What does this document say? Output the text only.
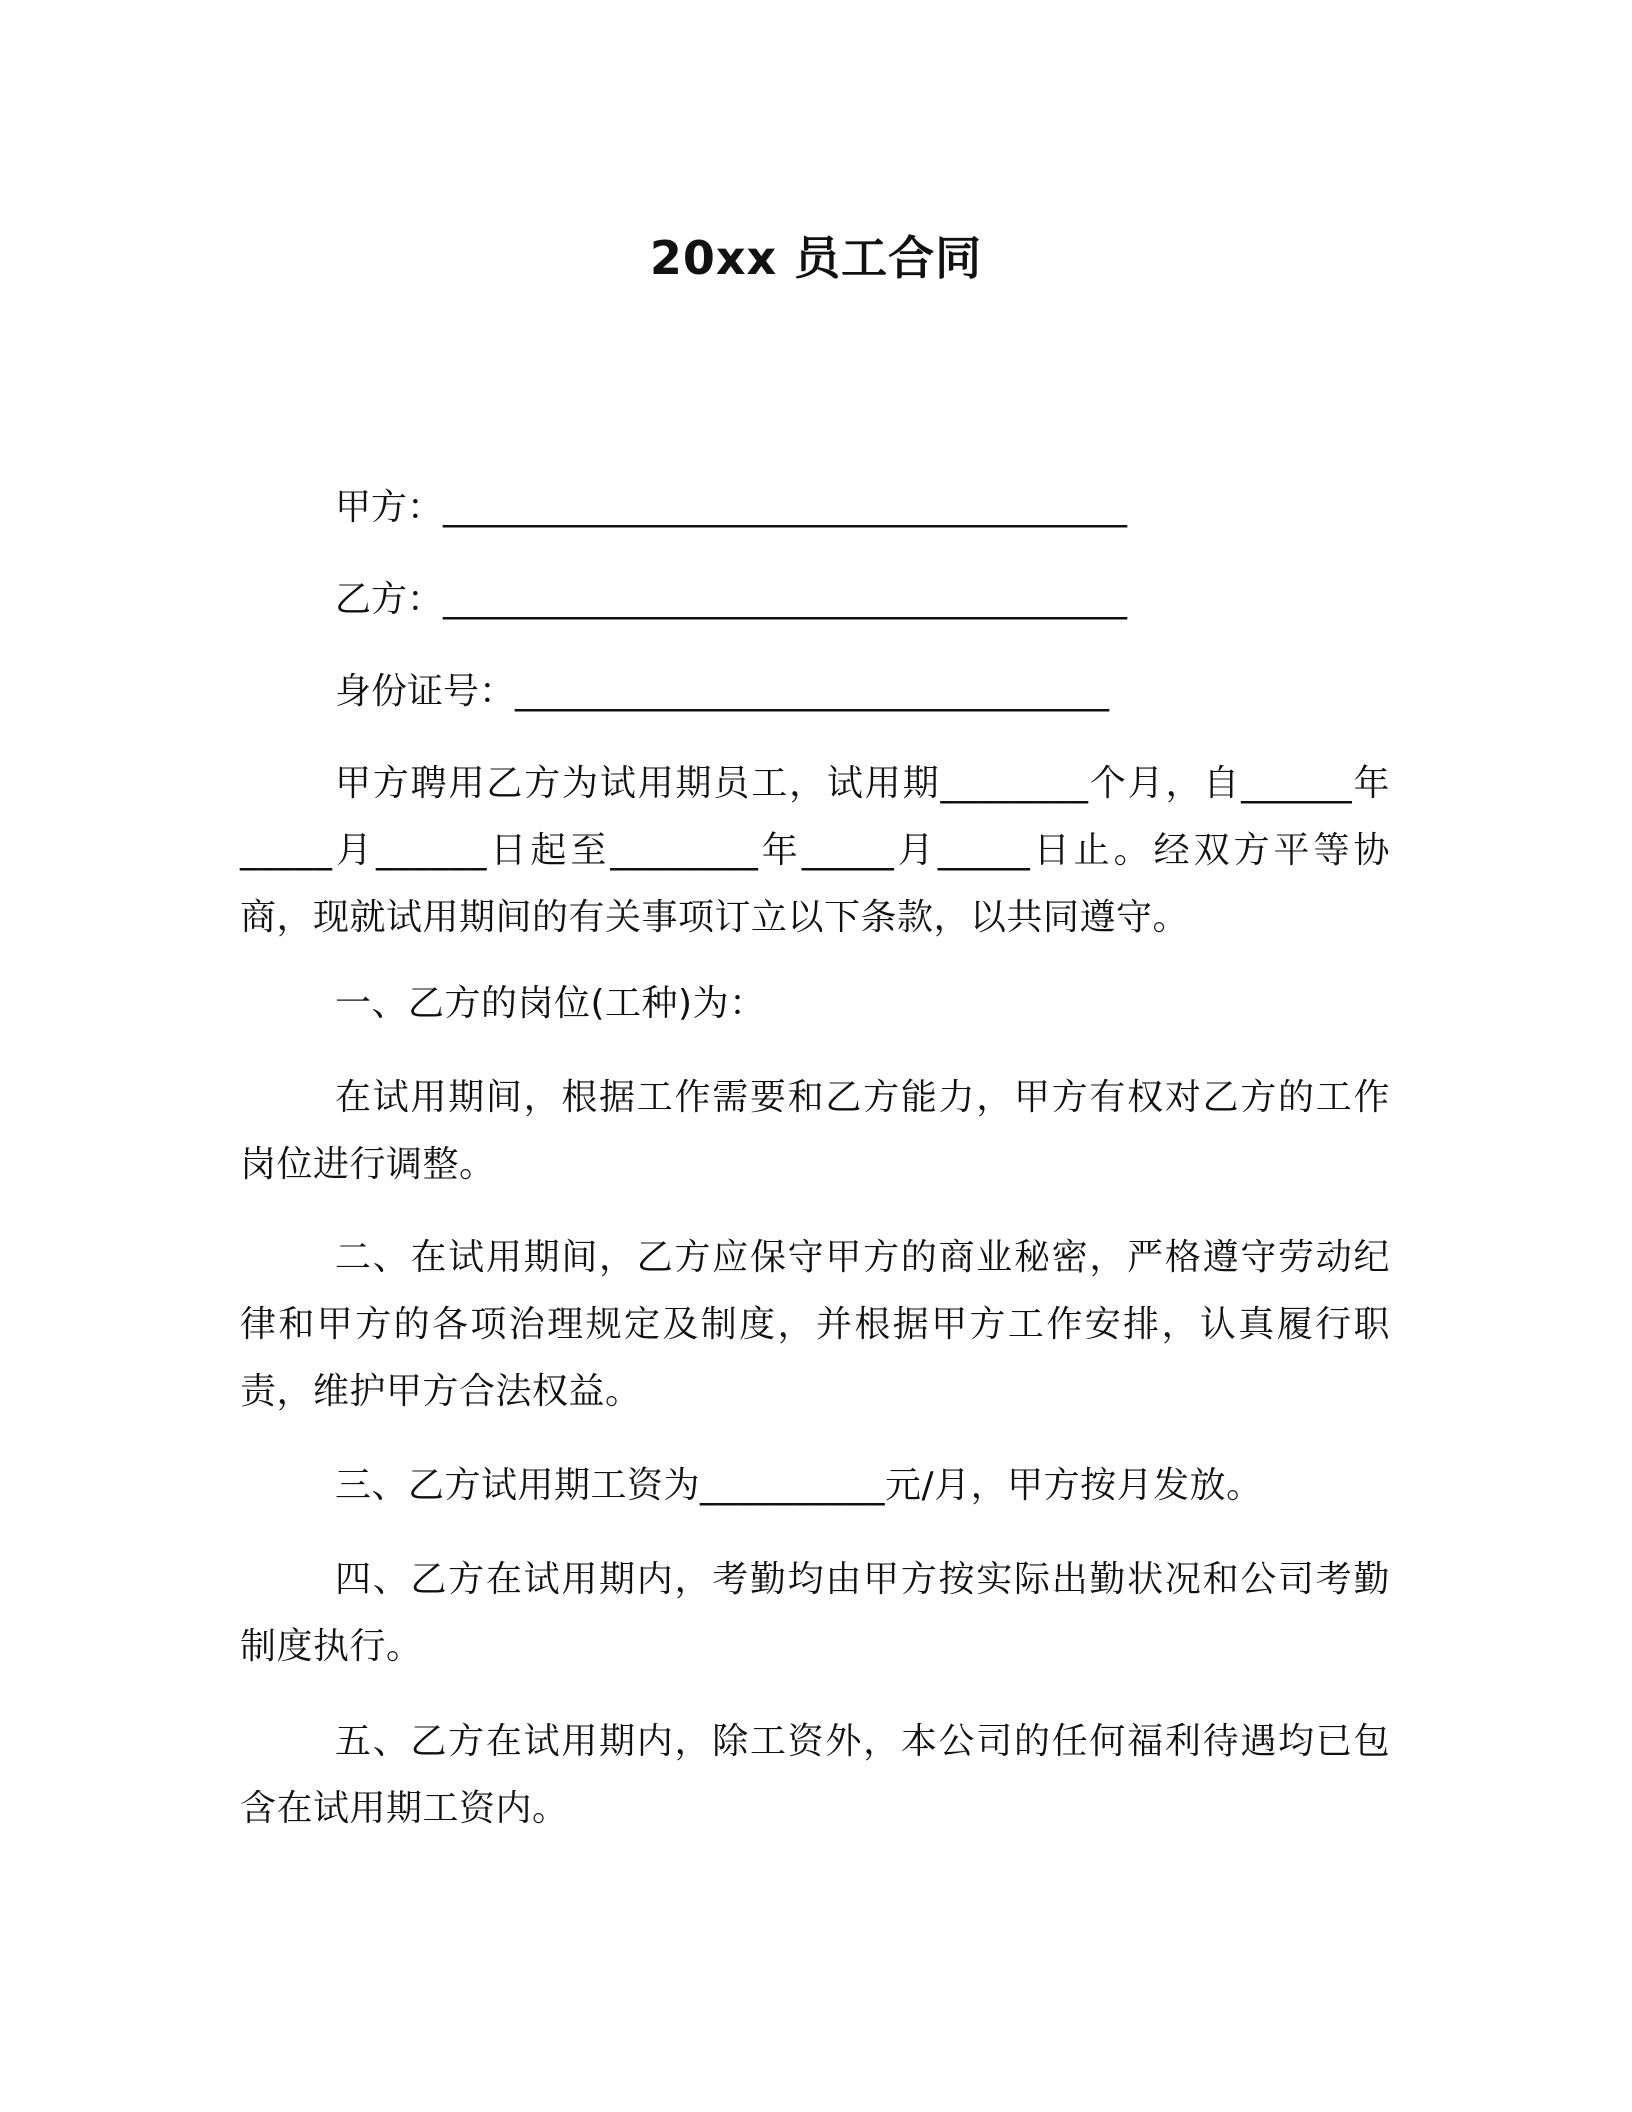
20xx 员工合同
甲方：______________________________________
乙方：______________________________________
身份证号：_________________________________
甲方聘用乙方为试用期员工，试用期________个月，自______年_____月______日起至________年_____月_____日止。经双方平等协商，现就试用期间的有关事项订立以下条款，以共同遵守。
一、乙方的岗位(工种)为：
在试用期间，根据工作需要和乙方能力，甲方有权对乙方的工作岗位进行调整。
二、在试用期间，乙方应保守甲方的商业秘密，严格遵守劳动纪律和甲方的各项治理规定及制度，并根据甲方工作安排，认真履行职责，维护甲方合法权益。
三、乙方试用期工资为__________元/月，甲方按月发放。
四、乙方在试用期内，考勤均由甲方按实际出勤状况和公司考勤制度执行。
五、乙方在试用期内，除工资外，本公司的任何福利待遇均已包含在试用期工资内。
